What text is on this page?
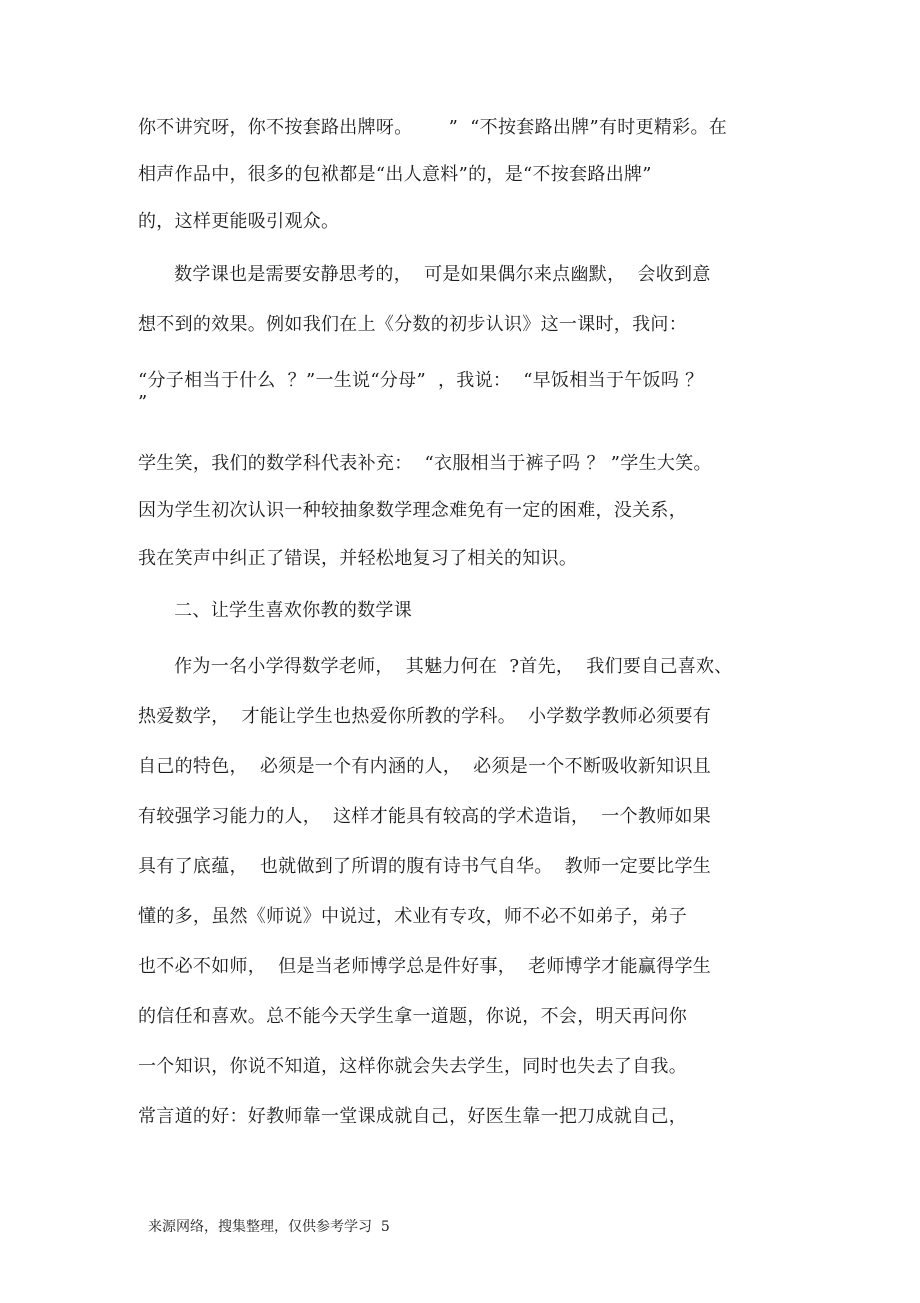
你不讲究呀，你不按套路出牌呀。      ”  “不按套路出牌”有时更精彩。在
相声作品中，很多的包袱都是“出人意料”的，是“不按套路出牌”
的，这样更能吸引观众。
数学课也是需要安静思考的，  可是如果偶尔来点幽默，  会收到意
想不到的效果。例如我们在上《分数的初步认识》这一课时，我问：
“分子相当于什么  ？”一生说“分母”  ，我说：  “早饭相当于午饭吗 ？
”
学生笑，我们的数学科代表补充：  “衣服相当于裤子吗 ？ ”学生大笑。
因为学生初次认识一种较抽象数学理念难免有一定的困难，没关系，
我在笑声中纠正了错误，并轻松地复习了相关的知识。
二、让学生喜欢你教的数学课
作为一名小学得数学老师，  其魅力何在  ?首先，  我们要自己喜欢、
热爱数学，  才能让学生也热爱你所教的学科。  小学数学教师必须要有
自己的特色，  必须是一个有内涵的人，  必须是一个不断吸收新知识且
有较强学习能力的人，  这样才能具有较高的学术造诣，  一个教师如果
具有了底蕴，  也就做到了所谓的腹有诗书气自华。  教师一定要比学生
懂的多，虽然《师说》中说过，术业有专攻，师不必不如弟子，弟子
也不必不如师，  但是当老师博学总是件好事，  老师博学才能赢得学生
的信任和喜欢。总不能今天学生拿一道题，你说，不会，明天再问你
一个知识，你说不知道，这样你就会失去学生，同时也失去了自我。
常言道的好：好教师靠一堂课成就自己，好医生靠一把刀成就自己，
来源网络，搜集整理，仅供参考学习  5
